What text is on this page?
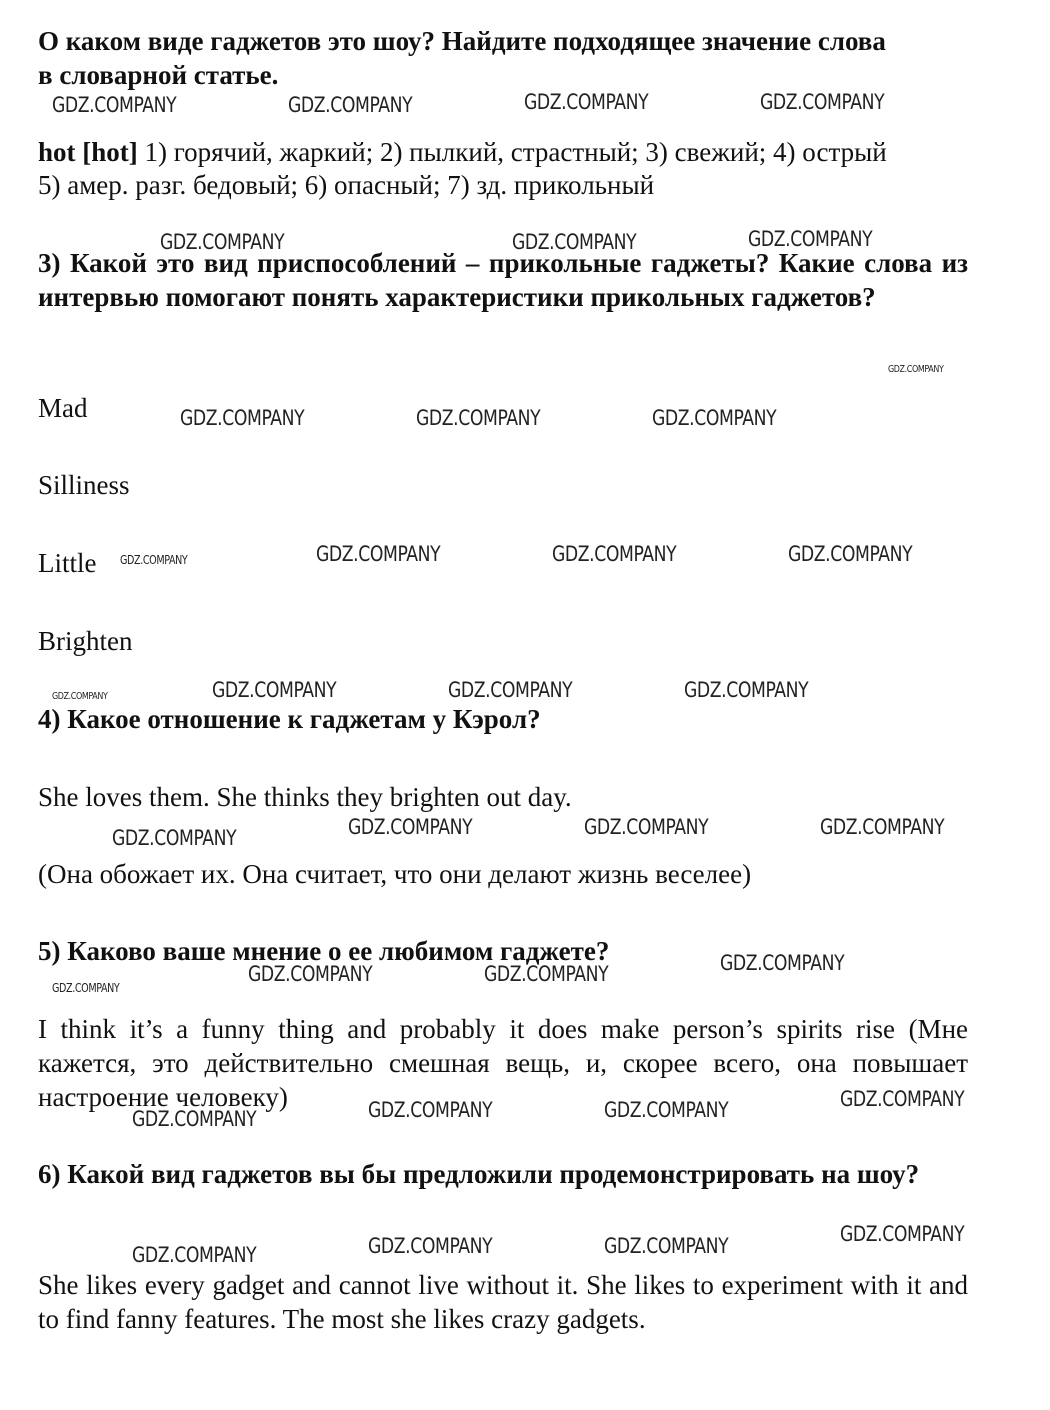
О каком виде гаджетов это шоу? Найдите подходящее значение слова
в словарной статье.
hot [hot] 1) горячий, жаркий; 2) пылкий, страстный; 3) свежий; 4) острый
5) амер. разг. бедовый; 6) опасный; 7) зд. прикольный
3) Какой это вид приспособлений – прикольные гаджеты? Какие слова из интервью помогают понять характеристики прикольных гаджетов?
Mad
Silliness
Little
Brighten
4) Какое отношение к гаджетам у Кэрол?
She loves them. She thinks they brighten out day.
(Она обожает их. Она считает, что они делают жизнь веселее)
5) Каково ваше мнение о ее любимом гаджете?
I think it’s a funny thing and probably it does make person’s spirits rise (Мне кажется, это действительно смешная вещь, и, скорее всего, она повышает настроение человеку)
6) Какой вид гаджетов вы бы предложили продемонстрировать на шоу?
She likes every gadget and cannot live without it. She likes to experiment with it and to find fanny features. The most she likes crazy gadgets.
GDZ.COMPANY	GDZ.COMPANY	GDZ.COMPANY	GDZ.COMPANY
GDZ.COMPANY	GDZ.COMPANY	GDZ.COMPANY
GDZ.COMPANY
GDZ.COMPANY	GDZ.COMPANY	GDZ.COMPANY
GDZ.COMPANY	GDZ.COMPANY	GDZ.COMPANY	GDZ.COMPANY
GDZ.COMPANY	GDZ.COMPANY	GDZ.COMPANY	GDZ.COMPANY
GDZ.COMPANY	GDZ.COMPANY	GDZ.COMPANY	GDZ.COMPANY
GDZ.COMPANY
GDZ.COMPANY	GDZ.COMPANY	GDZ.COMPANY
GDZ.COMPANY	GDZ.COMPANY	GDZ.COMPANY	GDZ.COMPANY
GDZ.COMPANY	GDZ.COMPANY	GDZ.COMPANY	GDZ.COMPANY
